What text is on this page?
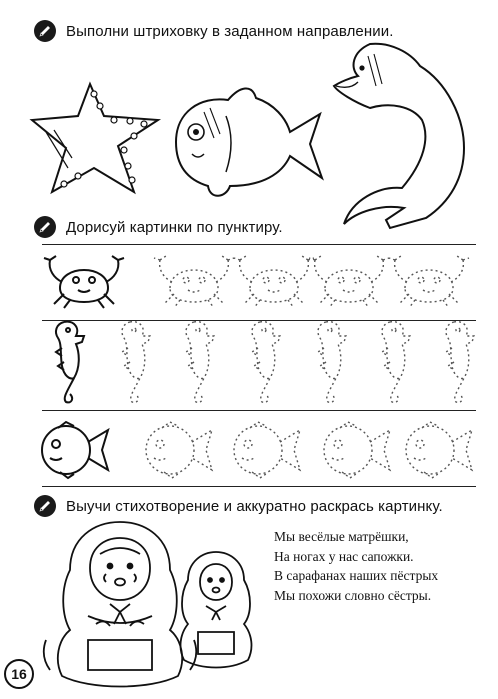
Выполни штриховку в заданном направлении.
Дорисуй картинки по пунктиру.
Выучи стихотворение и аккуратно раскрась картинку.
Мы весёлые матрёшки,
На ногах у нас сапожки.
В сарафанах наших пёстрых
Мы похожи словно сёстры.
16
